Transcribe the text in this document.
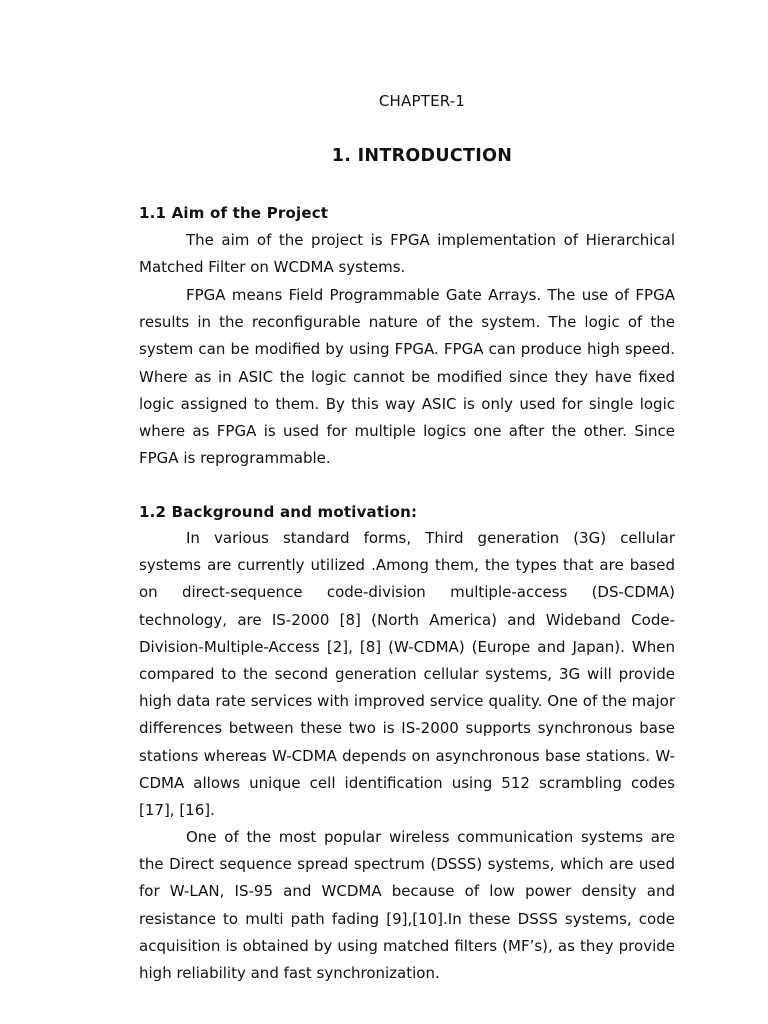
CHAPTER-1
1. INTRODUCTION
1.1 Aim of the Project

The aim of the project is FPGA implementation of Hierarchical Matched Filter on WCDMA systems.

FPGA means Field Programmable Gate Arrays. The use of FPGA results in the reconfigurable nature of the system. The logic of the system can be modified by using FPGA. FPGA can produce high speed. Where as in ASIC the logic cannot be modified since they have fixed logic assigned to them. By this way ASIC is only used for single logic where as FPGA is used for multiple logics one after the other. Since FPGA is reprogrammable.

1.2 Background and motivation:

In various standard forms, Third generation (3G) cellular systems are currently utilized .Among them, the types that are based on direct-sequence code-division multiple-access (DS-CDMA) technology, are IS-2000 [8] (North America) and Wideband Code-Division-Multiple-Access [2], [8] (W-CDMA) (Europe and Japan). When compared to the second generation cellular systems, 3G will provide high data rate services with improved service quality. One of the major differences between these two is IS-2000 supports synchronous base stations whereas W-CDMA depends on asynchronous base stations. W-CDMA allows unique cell identification using 512 scrambling codes [17], [16].

One of the most popular wireless communication systems are the Direct sequence spread spectrum (DSSS) systems, which are used for W-LAN, IS-95 and WCDMA because of low power density and resistance to multi path fading [9],[10].In these DSSS systems, code acquisition is obtained by using matched filters (MF’s), as they provide high reliability and fast synchronization.
